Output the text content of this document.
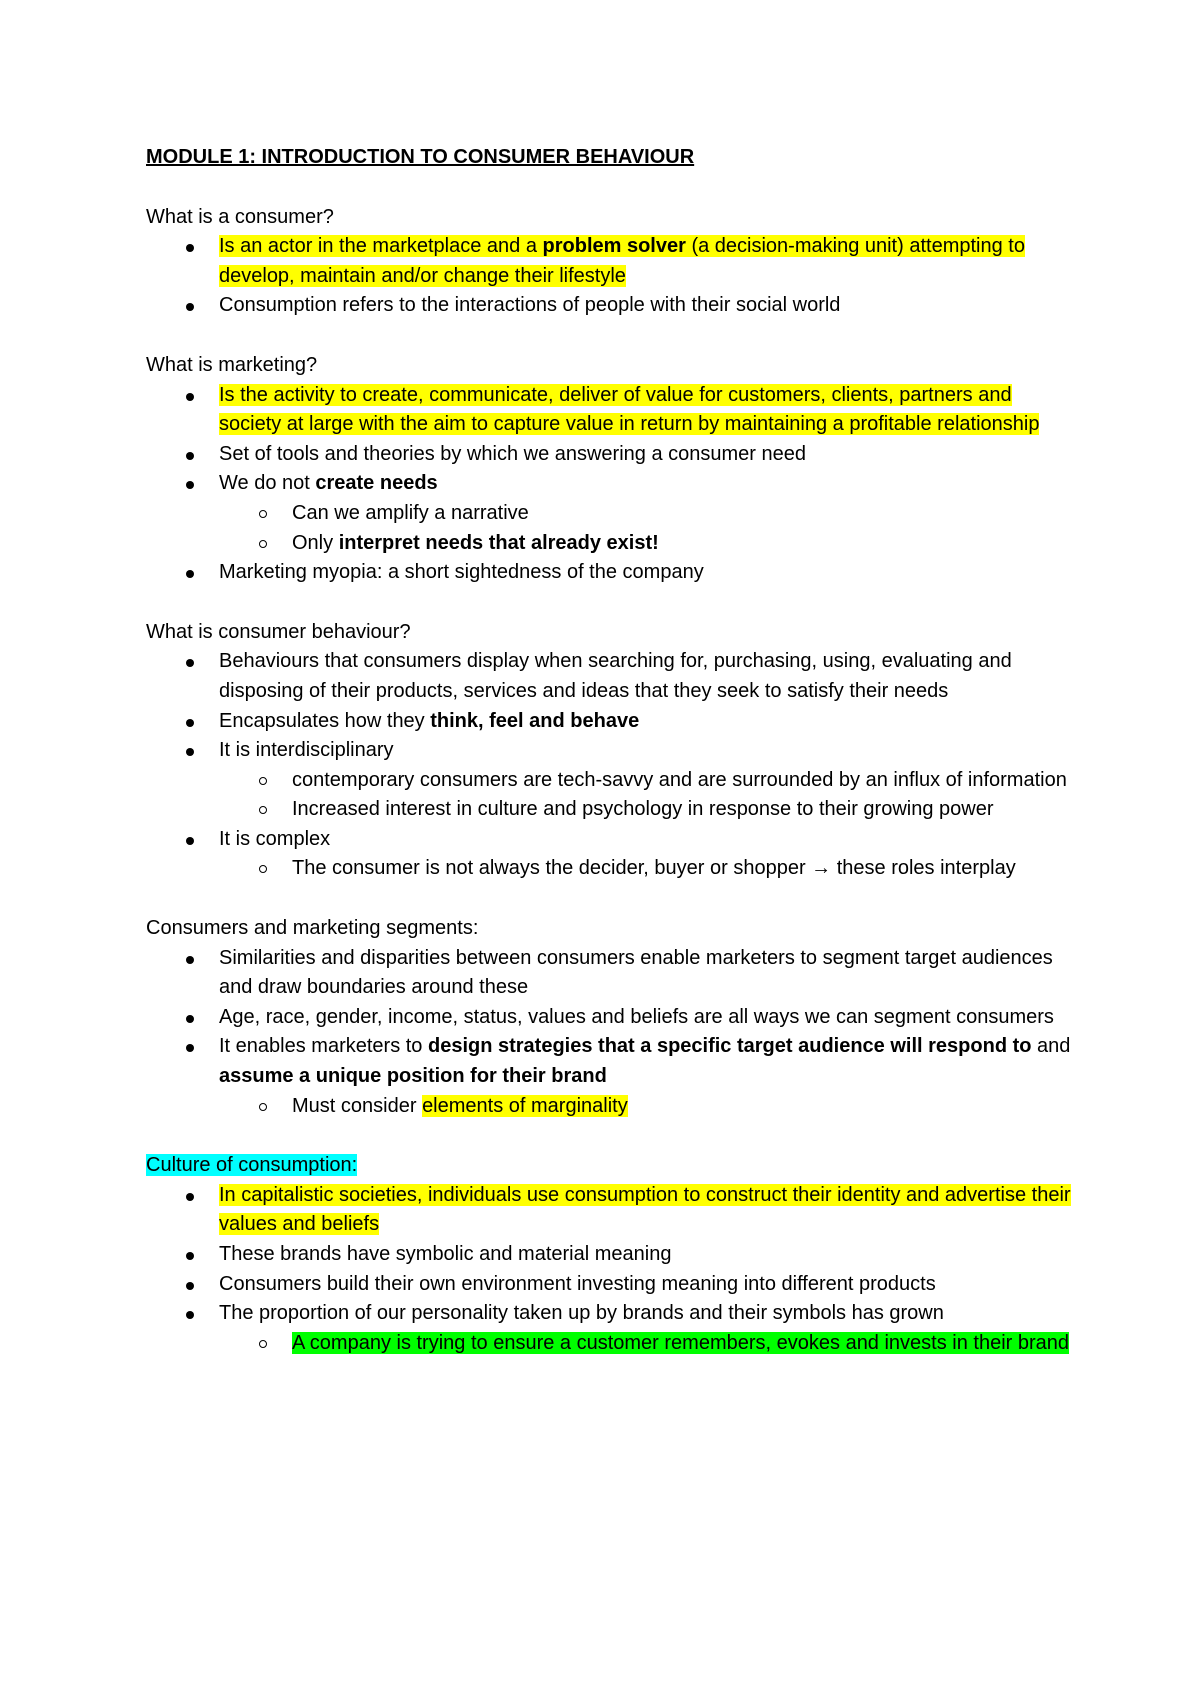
MODULE 1: INTRODUCTION TO CONSUMER BEHAVIOUR

What is a consumer?

Is an actor in the marketplace and a problem solver (a decision-making unit) attempting to develop, maintain and/or change their lifestyle
Consumption refers to the interactions of people with their social world

What is marketing?

Is the activity to create, communicate, deliver of value for customers, clients, partners and society at large with the aim to capture value in return by maintaining a profitable relationship
Set of tools and theories by which we answering a consumer need
We do not create needs
Can we amplify a narrative
Only interpret needs that already exist!
Marketing myopia: a short sightedness of the company

What is consumer behaviour?

Behaviours that consumers display when searching for, purchasing, using, evaluating and disposing of their products, services and ideas that they seek to satisfy their needs
Encapsulates how they think, feel and behave
It is interdisciplinary
contemporary consumers are tech-savvy and are surrounded by an influx of information
Increased interest in culture and psychology in response to their growing power
It is complex
The consumer is not always the decider, buyer or shopper → these roles interplay

Consumers and marketing segments:

Similarities and disparities between consumers enable marketers to segment target audiences and draw boundaries around these
Age, race, gender, income, status, values and beliefs are all ways we can segment consumers
It enables marketers to design strategies that a specific target audience will respond to and assume a unique position for their brand
Must consider elements of marginality

Culture of consumption:

In capitalistic societies, individuals use consumption to construct their identity and advertise their values and beliefs
These brands have symbolic and material meaning
Consumers build their own environment investing meaning into different products
The proportion of our personality taken up by brands and their symbols has grown
A company is trying to ensure a customer remembers, evokes and invests in their brand
